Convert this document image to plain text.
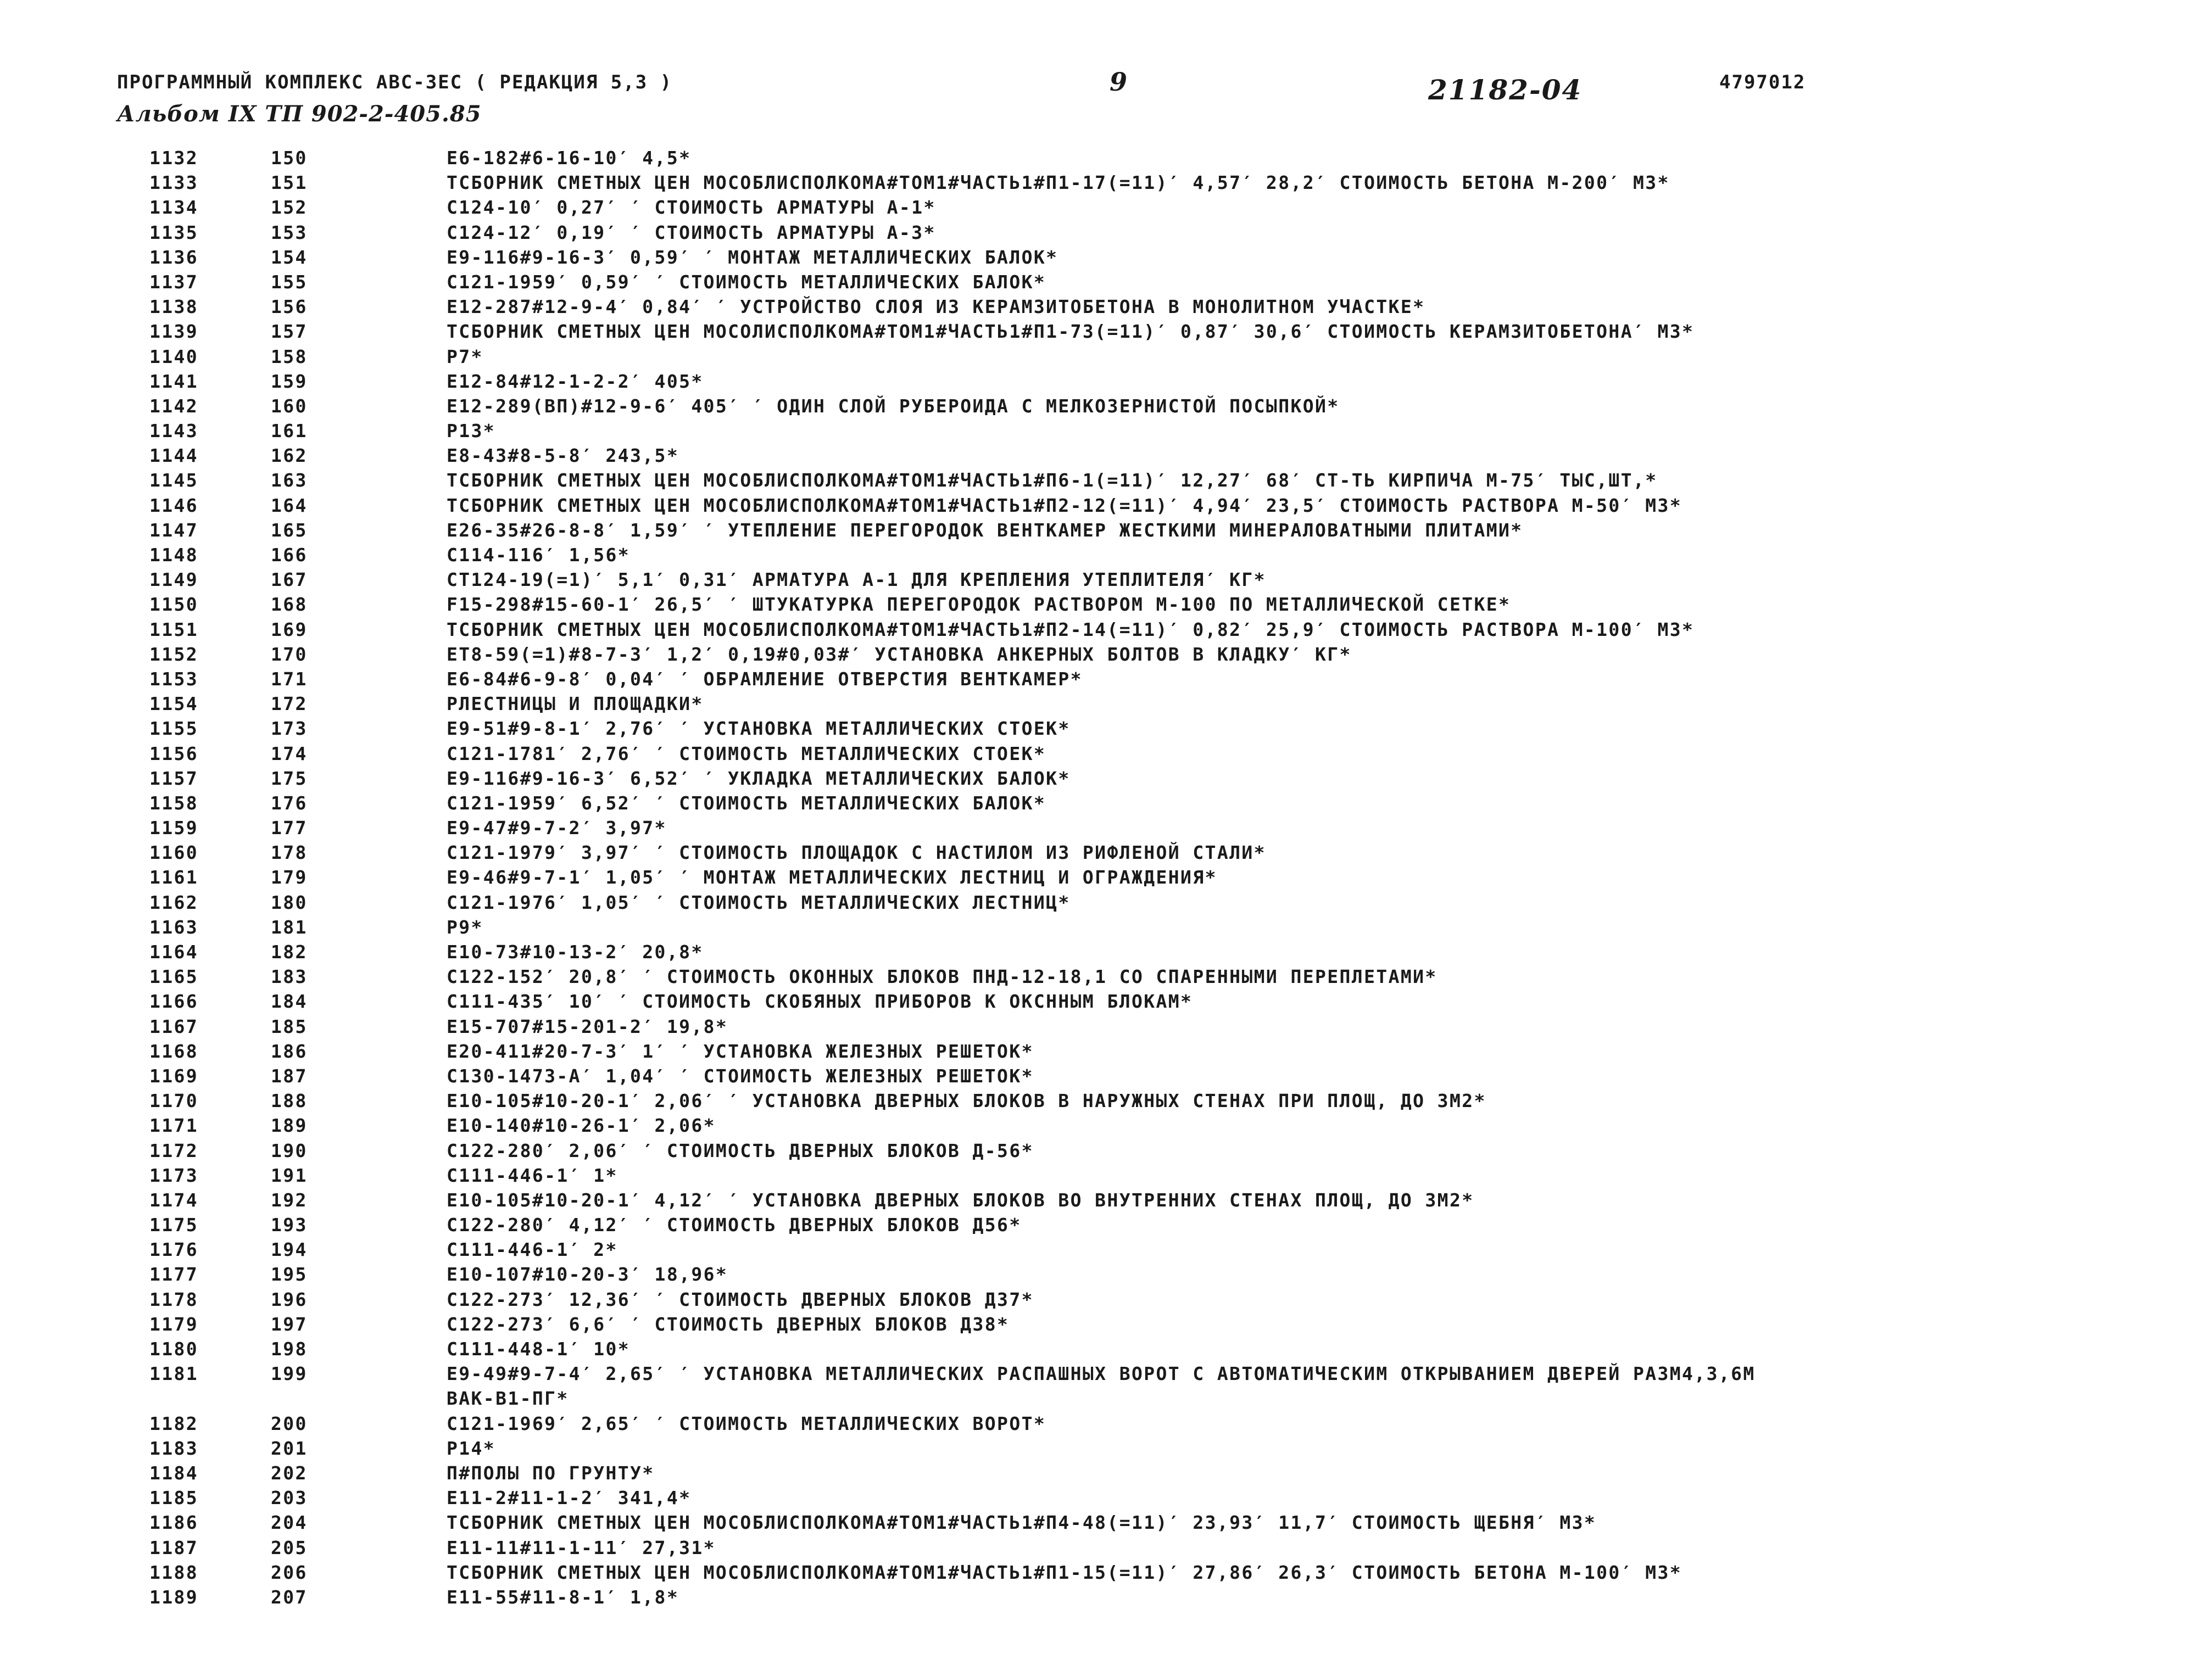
ПРОГРАММНЫЙ КОМПЛЕКС АВС-3ЕС ( РЕДАКЦИЯ 5,3 )	9	21182-04	4797012
Альбом IX ТП 902-2-405.85
1132	150	Е6-182#6-16-10′ 4,5*
1133	151	ТСБОРНИК СМЕТНЫХ ЦЕН МОСОБЛИСПОЛКОМА#ТОМ1#ЧАСТЬ1#П1-17(=11)′ 4,57′ 28,2′ СТОИМОСТЬ БЕТОНА М-200′ М3*
1134	152	С124-10′ 0,27′ ′ СТОИМОСТЬ АРМАТУРЫ А-1*
1135	153	С124-12′ 0,19′ ′ СТОИМОСТЬ АРМАТУРЫ А-3*
1136	154	Е9-116#9-16-3′ 0,59′ ′ МОНТАЖ МЕТАЛЛИЧЕСКИХ БАЛОК*
1137	155	С121-1959′ 0,59′ ′ СТОИМОСТЬ МЕТАЛЛИЧЕСКИХ БАЛОК*
1138	156	Е12-287#12-9-4′ 0,84′ ′ УСТРОЙСТВО СЛОЯ ИЗ КЕРАМЗИТОБЕТОНА В МОНОЛИТНОМ УЧАСТКЕ*
1139	157	ТСБОРНИК СМЕТНЫХ ЦЕН МОСОЛИСПОЛКОМА#ТОМ1#ЧАСТЬ1#П1-73(=11)′ 0,87′ 30,6′ СТОИМОСТЬ КЕРАМЗИТОБЕТОНА′ М3*
1140	158	Р7*
1141	159	Е12-84#12-1-2-2′ 405*
1142	160	Е12-289(ВП)#12-9-6′ 405′ ′ ОДИН СЛОЙ РУБЕРОИДА С МЕЛКОЗЕРНИСТОЙ ПОСЫПКОЙ*
1143	161	Р13*
1144	162	Е8-43#8-5-8′ 243,5*
1145	163	ТСБОРНИК СМЕТНЫХ ЦЕН МОСОБЛИСПОЛКОМА#ТОМ1#ЧАСТЬ1#П6-1(=11)′ 12,27′ 68′ СТ-ТЬ КИРПИЧА М-75′ ТЫС,ШТ,*
1146	164	ТСБОРНИК СМЕТНЫХ ЦЕН МОСОБЛИСПОЛКОМА#ТОМ1#ЧАСТЬ1#П2-12(=11)′ 4,94′ 23,5′ СТОИМОСТЬ РАСТВОРА М-50′ М3*
1147	165	Е26-35#26-8-8′ 1,59′ ′ УТЕПЛЕНИЕ ПЕРЕГОРОДОК ВЕНТКАМЕР ЖЕСТКИМИ МИНЕРАЛОВАТНЫМИ ПЛИТАМИ*
1148	166	С114-116′ 1,56*
1149	167	СТ124-19(=1)′ 5,1′ 0,31′ АРМАТУРА А-1 ДЛЯ КРЕПЛЕНИЯ УТЕПЛИТЕЛЯ′ КГ*
1150	168	F15-298#15-60-1′ 26,5′ ′ ШТУКАТУРКА ПЕРЕГОРОДОК РАСТВОРОМ М-100 ПО МЕТАЛЛИЧЕСКОЙ СЕТКЕ*
1151	169	ТСБОРНИК СМЕТНЫХ ЦЕН МОСОБЛИСПОЛКОМА#ТОМ1#ЧАСТЬ1#П2-14(=11)′ 0,82′ 25,9′ СТОИМОСТЬ РАСТВОРА М-100′ М3*
1152	170	ЕТ8-59(=1)#8-7-3′ 1,2′ 0,19#0,03#′ УСТАНОВКА АНКЕРНЫХ БОЛТОВ В КЛАДКУ′ КГ*
1153	171	Е6-84#6-9-8′ 0,04′ ′ ОБРАМЛЕНИЕ ОТВЕРСТИЯ ВЕНТКАМЕР*
1154	172	РЛЕСТНИЦЫ И ПЛОЩАДКИ*
1155	173	Е9-51#9-8-1′ 2,76′ ′ УСТАНОВКА МЕТАЛЛИЧЕСКИХ СТОЕК*
1156	174	С121-1781′ 2,76′ ′ СТОИМОСТЬ МЕТАЛЛИЧЕСКИХ СТОЕК*
1157	175	Е9-116#9-16-3′ 6,52′ ′ УКЛАДКА МЕТАЛЛИЧЕСКИХ БАЛОК*
1158	176	С121-1959′ 6,52′ ′ СТОИМОСТЬ МЕТАЛЛИЧЕСКИХ БАЛОК*
1159	177	Е9-47#9-7-2′ 3,97*
1160	178	С121-1979′ 3,97′ ′ СТОИМОСТЬ ПЛОЩАДОК С НАСТИЛОМ ИЗ РИФЛЕНОЙ СТАЛИ*
1161	179	Е9-46#9-7-1′ 1,05′ ′ МОНТАЖ МЕТАЛЛИЧЕСКИХ ЛЕСТНИЦ И ОГРАЖДЕНИЯ*
1162	180	С121-1976′ 1,05′ ′ СТОИМОСТЬ МЕТАЛЛИЧЕСКИХ ЛЕСТНИЦ*
1163	181	Р9*
1164	182	Е10-73#10-13-2′ 20,8*
1165	183	С122-152′ 20,8′ ′ СТОИМОСТЬ ОКОННЫХ БЛОКОВ ПНД-12-18,1 СО СПАРЕННЫМИ ПЕРЕПЛЕТАМИ*
1166	184	С111-435′ 10′ ′ СТОИМОСТЬ СКОБЯНЫХ ПРИБОРОВ К ОКСННЫМ БЛОКАМ*
1167	185	Е15-707#15-201-2′ 19,8*
1168	186	Е20-411#20-7-3′ 1′ ′ УСТАНОВКА ЖЕЛЕЗНЫХ РЕШЕТОК*
1169	187	С130-1473-А′ 1,04′ ′ СТОИМОСТЬ ЖЕЛЕЗНЫХ РЕШЕТОК*
1170	188	Е10-105#10-20-1′ 2,06′ ′ УСТАНОВКА ДВЕРНЫХ БЛОКОВ В НАРУЖНЫХ СТЕНАХ ПРИ ПЛОЩ, ДО 3М2*
1171	189	Е10-140#10-26-1′ 2,06*
1172	190	С122-280′ 2,06′ ′ СТОИМОСТЬ ДВЕРНЫХ БЛОКОВ Д-56*
1173	191	С111-446-1′ 1*
1174	192	Е10-105#10-20-1′ 4,12′ ′ УСТАНОВКА ДВЕРНЫХ БЛОКОВ ВО ВНУТРЕННИХ СТЕНАХ ПЛОЩ, ДО 3М2*
1175	193	С122-280′ 4,12′ ′ СТОИМОСТЬ ДВЕРНЫХ БЛОКОВ Д56*
1176	194	С111-446-1′ 2*
1177	195	Е10-107#10-20-3′ 18,96*
1178	196	С122-273′ 12,36′ ′ СТОИМОСТЬ ДВЕРНЫХ БЛОКОВ Д37*
1179	197	С122-273′ 6,6′ ′ СТОИМОСТЬ ДВЕРНЫХ БЛОКОВ Д38*
1180	198	С111-448-1′ 10*
1181	199	Е9-49#9-7-4′ 2,65′ ′ УСТАНОВКА МЕТАЛЛИЧЕСКИХ РАСПАШНЫХ ВОРОТ С АВТОМАТИЧЕСКИМ ОТКРЫВАНИЕМ ДВЕРЕЙ РАЗМ4,3,6М
ВАК-В1-ПГ*
1182	200	С121-1969′ 2,65′ ′ СТОИМОСТЬ МЕТАЛЛИЧЕСКИХ ВОРОТ*
1183	201	Р14*
1184	202	П#ПОЛЫ ПО ГРУНТУ*
1185	203	Е11-2#11-1-2′ 341,4*
1186	204	ТСБОРНИК СМЕТНЫХ ЦЕН МОСОБЛИСПОЛКОМА#ТОМ1#ЧАСТЬ1#П4-48(=11)′ 23,93′ 11,7′ СТОИМОСТЬ ЩЕБНЯ′ М3*
1187	205	Е11-11#11-1-11′ 27,31*
1188	206	ТСБОРНИК СМЕТНЫХ ЦЕН МОСОБЛИСПОЛКОМА#ТОМ1#ЧАСТЬ1#П1-15(=11)′ 27,86′ 26,3′ СТОИМОСТЬ БЕТОНА М-100′ М3*
1189	207	Е11-55#11-8-1′ 1,8*
